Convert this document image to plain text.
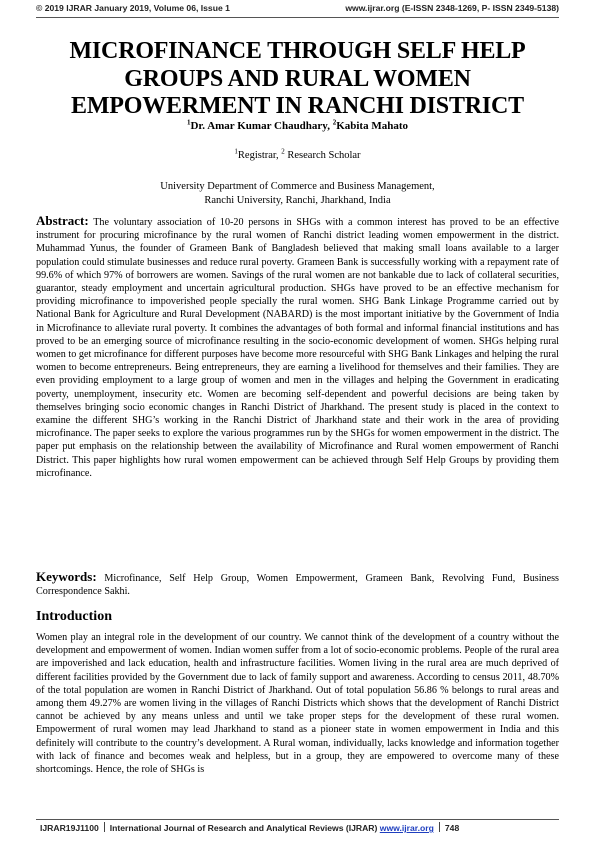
© 2019 IJRAR January 2019, Volume 06, Issue 1	www.ijrar.org (E-ISSN 2348-1269, P- ISSN 2349-5138)
MICROFINANCE THROUGH SELF HELP GROUPS AND RURAL WOMEN EMPOWERMENT IN RANCHI DISTRICT
$^1$Dr. Amar Kumar Chaudhary, $^2$Kabita Mahato
$^1$Registrar, $^2$ Research Scholar
University Department of Commerce and Business Management,
Ranchi University, Ranchi, Jharkhand, India
Abstract: The voluntary association of 10-20 persons in SHGs with a common interest has proved to be an effective instrument for procuring microfinance by the rural women of Ranchi district leading women empowerment in the district. Muhammad Yunus, the founder of Grameen Bank of Bangladesh believed that making small loans available to a larger population could stimulate businesses and reduce rural poverty. Grameen Bank is successfully working with a repayment rate of 99.6% of which 97% of borrowers are women. Savings of the rural women are not bankable due to lack of collateral securities, guarantor, steady employment and uncertain agricultural production. SHGs have proved to be an effective mechanism for providing microfinance to impoverished people specially the rural women. SHG Bank Linkage Programme carried out by National Bank for Agriculture and Rural Development (NABARD) is the most important initiative by the Government of India in Microfinance to alleviate rural poverty. It combines the advantages of both formal and informal financial institutions and has proved to be an emerging source of microfinance resulting in the socio-economic development of women. SHGs helping rural women to get microfinance for different purposes have become more resourceful with SHG Bank Linkages and helping the rural women to become entrepreneurs. Being entrepreneurs, they are earning a livelihood for themselves and their families. They are even providing employment to a large group of women and men in the villages and helping the Government in eradicating poverty, unemployment, insecurity etc. Women are becoming self-dependent and powerful decisions are being taken by themselves bringing socio economic changes in Ranchi District of Jharkhand. The present study is placed in the context to examine the different SHG’s working in the Ranchi District of Jharkhand state and their work in the area of providing microfinance. The paper seeks to explore the various programmes run by the SHGs for women empowerment in the district. The paper put emphasis on the relationship between the availability of Microfinance and Rural women empowerment of Ranchi District. This paper highlights how rural women empowerment can be achieved through Self Help Groups by providing them microfinance.
Keywords: Microfinance, Self Help Group, Women Empowerment, Grameen Bank, Revolving Fund, Business Correspondence Sakhi.
Introduction
Women play an integral role in the development of our country. We cannot think of the development of a country without the development and empowerment of women. Indian women suffer from a lot of socio-economic problems. People of the rural area are impoverished and lack education, health and infrastructure facilities. Women living in the rural area are much deprived of different facilities provided by the Government due to lack of family support and awareness. According to census 2011, 48.70% of the total population are women in Ranchi District of Jharkhand. Out of total population 56.86 % belongs to rural areas and among them 49.27% are women living in the villages of Ranchi Districts which shows that the development of Ranchi District cannot be achieved by any means unless and until we take proper steps for the development of these rural women. Empowerment of rural women may lead Jharkhand to stand as a pioneer state in women empowerment in India and this definitely will contribute to the country’s development. A Rural woman, individually, lacks knowledge and information together with lack of finance and becomes weak and helpless, but in a group, they are empowered to overcome many of these shortcomings. Hence, the role of SHGs is
IJRAR19J1100 International Journal of Research and Analytical Reviews (IJRAR) www.ijrar.org 748
